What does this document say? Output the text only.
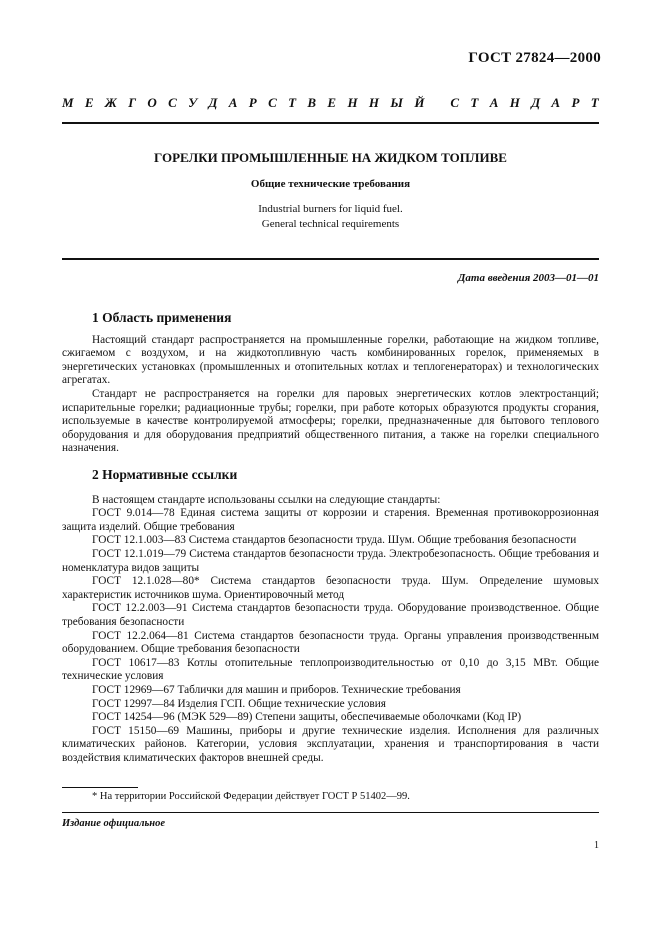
ГОСТ 27824—2000
М Е Ж Г О С У Д А Р С Т В Е Н Н Ы Й
С Т А Н Д А Р Т

ГОРЕЛКИ ПРОМЫШЛЕННЫЕ НА ЖИДКОМ ТОПЛИВЕ

Общие технические требования

Industrial burners for liquid fuel.
General technical requirements

Дата введения 2003—01—01

1 Область применения

Настоящий стандарт распространяется на промышленные горелки, работающие на жидком топливе, сжигаемом с воздухом, и на жидкотопливную часть комбинированных горелок, применяемых в энергетических установках (промышленных и отопительных котлах и теплогенераторах) и технологических агрегатах.

Стандарт не распространяется на горелки для паровых энергетических котлов электростанций; испарительные горелки; радиационные трубы; горелки, при работе которых образуются продукты сгорания, используемые в качестве контролируемой атмосферы; горелки, предназначенные для бытового теплового оборудования и для оборудования предприятий общественного питания, а также на горелки специального назначения.

2 Нормативные ссылки

В настоящем стандарте использованы ссылки на следующие стандарты:

ГОСТ 9.014—78 Единая система защиты от коррозии и старения. Временная противокоррозионная защита изделий. Общие требования

ГОСТ 12.1.003—83 Система стандартов безопасности труда. Шум. Общие требования безопасности

ГОСТ 12.1.019—79 Система стандартов безопасности труда. Электробезопасность. Общие требования и номенклатура видов защиты

ГОСТ 12.1.028—80* Система стандартов безопасности труда. Шум. Определение шумовых характеристик источников шума. Ориентировочный метод

ГОСТ 12.2.003—91 Система стандартов безопасности труда. Оборудование производственное. Общие требования безопасности

ГОСТ 12.2.064—81 Система стандартов безопасности труда. Органы управления производственным оборудованием. Общие требования безопасности

ГОСТ 10617—83 Котлы отопительные теплопроизводительностью от 0,10 до 3,15 МВт. Общие технические условия

ГОСТ 12969—67 Таблички для машин и приборов. Технические требования

ГОСТ 12997—84 Изделия ГСП. Общие технические условия

ГОСТ 14254—96 (МЭК 529—89) Степени защиты, обеспечиваемые оболочками (Код IP)

ГОСТ 15150—69 Машины, приборы и другие технические изделия. Исполнения для различных климатических районов. Категории, условия эксплуатации, хранения и транспортирования в части воздействия климатических факторов внешней среды.

* На территории Российской Федерации действует ГОСТ Р 51402—99.
Издание официальное
1
